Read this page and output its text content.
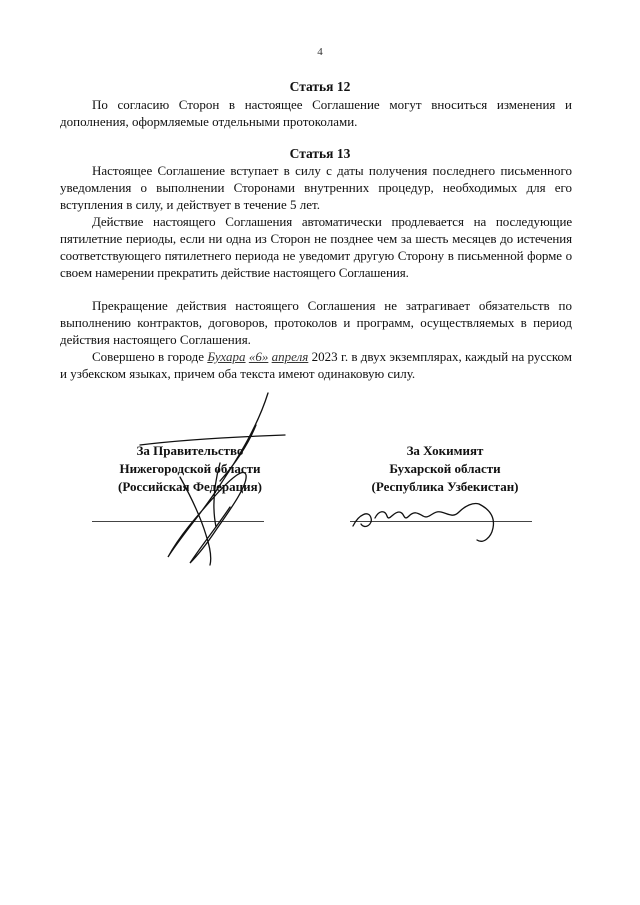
4
Статья 12
По согласию Сторон в настоящее Соглашение могут вноситься изменения и дополнения, оформляемые отдельными протоколами.
Статья 13
Настоящее Соглашение вступает в силу с даты получения последнего письменного уведомления о выполнении Сторонами внутренних процедур, необходимых для его вступления в силу, и действует в течение 5 лет.
Действие настоящего Соглашения автоматически продлевается на последующие пятилетние периоды, если ни одна из Сторон не позднее чем за шесть месяцев до истечения соответствующего пятилетнего периода не уведомит другую Сторону в письменной форме о своем намерении прекратить действие настоящего Соглашения.
Прекращение действия настоящего Соглашения не затрагивает обязательств по выполнению контрактов, договоров, протоколов и программ, осуществляемых в период действия настоящего Соглашения.
Совершено в городе Бухара «6» апреля 2023 г. в двух экземплярах, каждый на русском и узбекском языках, причем оба текста имеют одинаковую силу.
За Правительство
Нижегородской области
(Российская Федерация)
За Хокимият
Бухарской области
(Республика Узбекистан)
